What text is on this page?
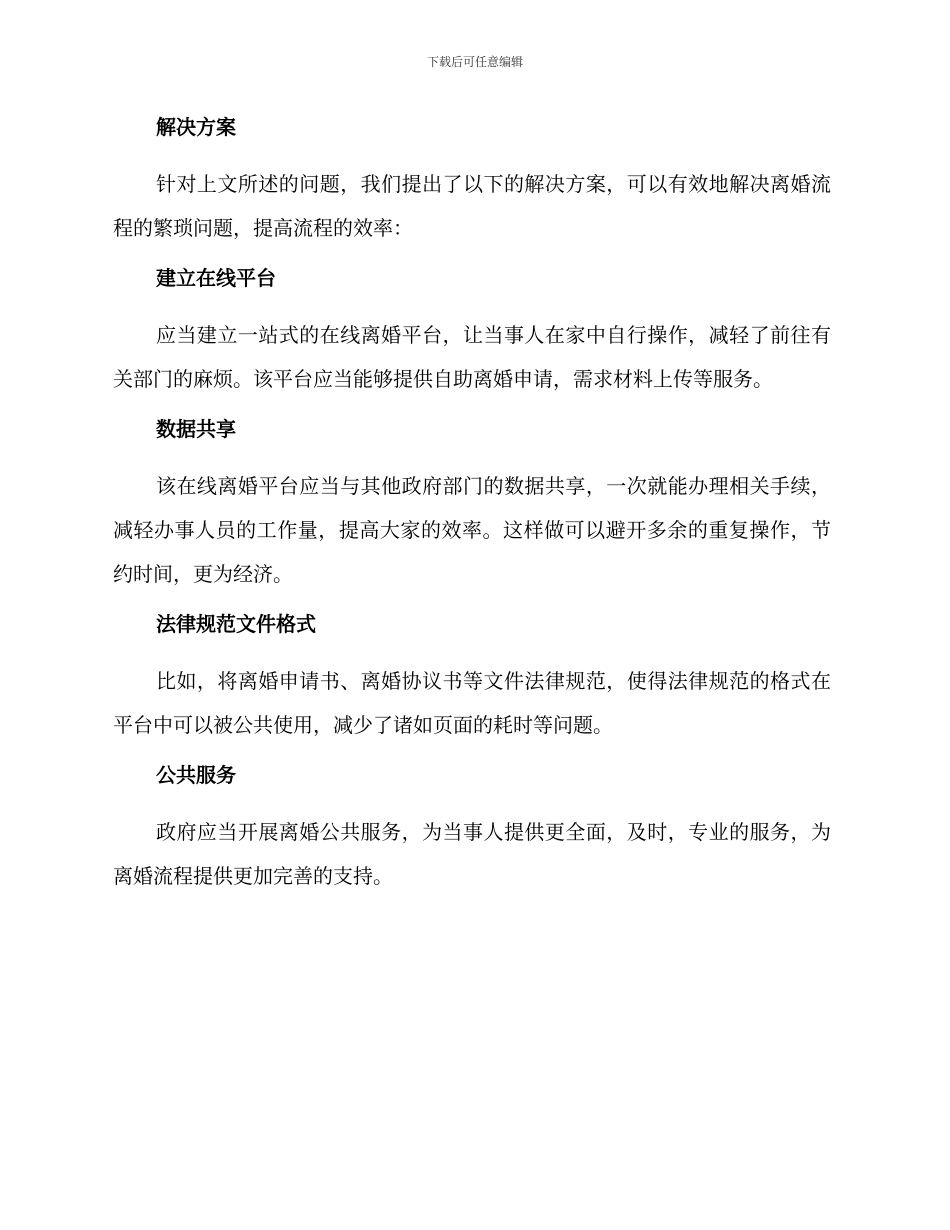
下载后可任意编辑
解决方案
针对上文所述的问题，我们提出了以下的解决方案，可以有效地解决离婚流程的繁琐问题，提高流程的效率：
建立在线平台
应当建立一站式的在线离婚平台，让当事人在家中自行操作，减轻了前往有关部门的麻烦。该平台应当能够提供自助离婚申请，需求材料上传等服务。
数据共享
该在线离婚平台应当与其他政府部门的数据共享，一次就能办理相关手续，减轻办事人员的工作量，提高大家的效率。这样做可以避开多余的重复操作，节约时间，更为经济。
法律规范文件格式
比如，将离婚申请书、离婚协议书等文件法律规范，使得法律规范的格式在平台中可以被公共使用，减少了诸如页面的耗时等问题。
公共服务
政府应当开展离婚公共服务，为当事人提供更全面，及时，专业的服务，为离婚流程提供更加完善的支持。
